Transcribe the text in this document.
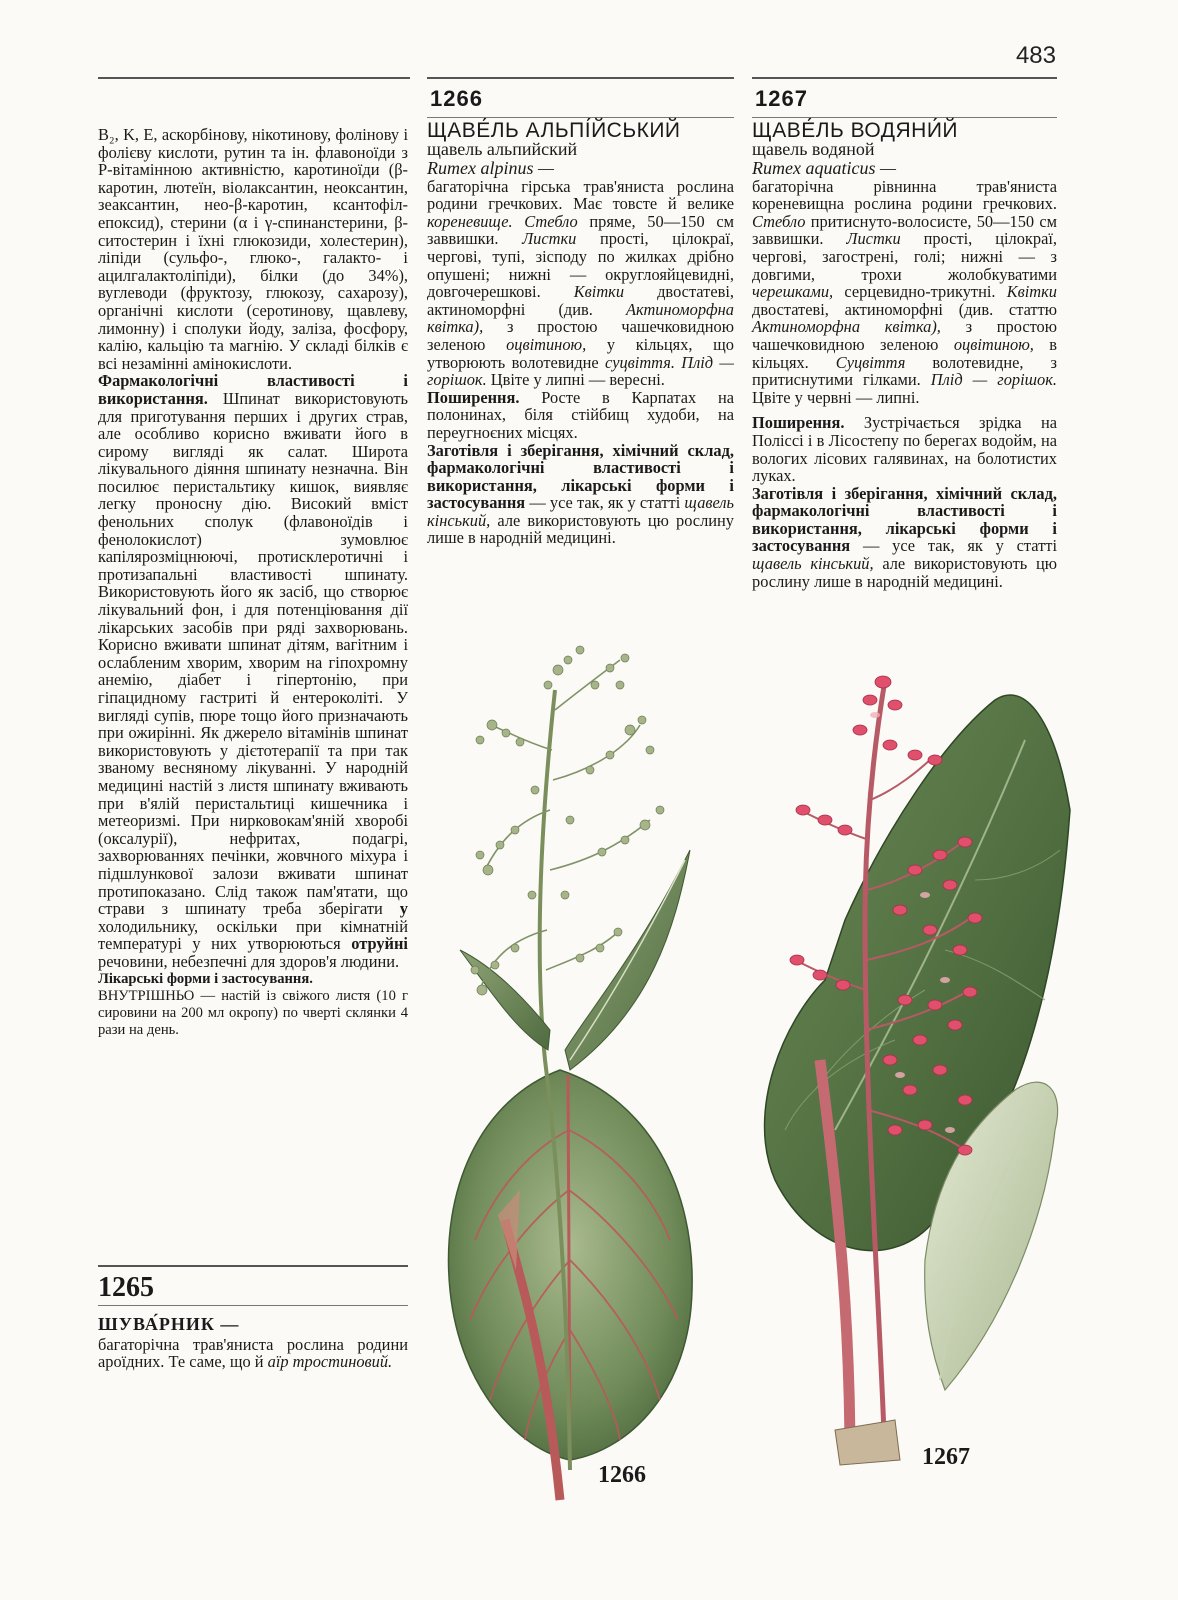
483

B₂, K, E, аскорбінову, нікотинову, фолінову і фолієву кислоти, рутин та ін. флавоноїди з Р-вітамінною активністю, каротиноїди (β-каротин, лютеїн, віолаксантин, неоксантин, зеаксантин, нео-β-каротин, ксантофіл-епоксид), стерини (α і γ-спинанстерини, β-ситостерин і їхні глюкозиди, холестерин), ліпіди (сульфо-, глюко-, галакто- і ацилгалактоліпіди), білки (до 34%), вуглеводи (фруктозу, глюкозу, сахарозу), органічні кислоти (серотинову, щавлеву, лимонну) і сполуки йоду, заліза, фосфору, калію, кальцію та магнію. У складі білків є всі незамінні амінокислоти.

Фармакологічні властивості і використання. Шпинат використовують для приготування перших і других страв, але особливо корисно вживати його в сирому вигляді як салат. Широта лікувального діяння шпинату незначна. Він посилює перистальтику кишок, виявляє легку проносну дію. Високий вміст фенольних сполук (флавоноїдів і фенолокислот) зумовлює капілярозміцнюючі, протисклеротичні і протизапальні властивості шпинату. Використовують його як засіб, що створює лікувальний фон, і для потенціювання дії лікарських засобів при ряді захворювань. Корисно вживати шпинат дітям, вагітним і ослабленим хворим, хворим на гіпохромну анемію, діабет і гіпертонію, при гіпацидному гастриті й ентероколіті. У вигляді супів, пюре тощо його призначають при ожирінні. Як джерело вітамінів шпинат використовують у дієтотерапії та при так званому весняному лікуванні. У народній медицині настій з листя шпинату вживають при в'ялій перистальтиці кишечника і метеоризмі. При нирковокам'яній хворобі (оксалурії), нефритах, подагрі, захворюваннях печінки, жовчного міхура і підшлункової залози вживати шпинат протипоказано. Слід також пам'ятати, що страви з шпинату треба зберігати у холодильнику, оскільки при кімнатній температурі у них утворюються отруйні речовини, небезпечні для здоров'я людини.

Лікарські форми і застосування.
ВНУТРІШНЬО — настій із свіжого листя (10 г сировини на 200 мл окропу) по чверті склянки 4 рази на день.
1265
ШУВА́РНИК —

багаторічна трав'яниста рослина родини ароїдних. Те саме, що й аїр тростиновий.

1266
ЩАВЕ́ЛЬ АЛЬПІ́ЙСЬКИЙ
щавель альпийский
Rumex alpinus —

багаторічна гірська трав'яниста рослина родини гречкових. Має товсте й велике кореневище. Стебло пряме, 50—150 см заввишки. Листки прості, цілокраї, чергові, тупі, зісподу по жилках дрібно опушені; нижні — округлояйцевидні, довгочерешкові. Квітки двостатеві, актиноморфні (див. Актиноморфна квітка), з простою чашечковидною зеленою оцвітиною, у кільцях, що утворюють волотевидне суцвіття. Плід — горішок. Цвіте у липні — вересні.

Поширення. Росте в Карпатах на полонинах, біля стійбищ худоби, на переугноєних місцях.

Заготівля і зберігання, хімічний склад, фармакологічні властивості і використання, лікарські форми і застосування — усе так, як у статті щавель кінський, але використовують цю рослину лише в народній медицині.

1267
ЩАВЕ́ЛЬ ВОДЯНИ́Й
щавель водяной
Rumex aquaticus —

багаторічна рівнинна трав'яниста кореневищна рослина родини гречкових. Стебло притиснуто-волосисте, 50—150 см заввишки. Листки прості, цілокраї, чергові, загострені, голі; нижні — з довгими, трохи жолобкуватими черешками, серцевидно-трикутні. Квітки двостатеві, актиноморфні (див. статтю Актиноморфна квітка), з простою чашечковидною зеленою оцвітиною, в кільцях. Суцвіття волотевидне, з притиснутими гілками. Плід — горішок. Цвіте у червні — липні.

Поширення. Зустрічається зрідка на Поліссі і в Лісостепу по берегах водойм, на вологих лісових галявинах, на болотистих луках.

Заготівля і зберігання, хімічний склад, фармакологічні властивості і використання, лікарські форми і застосування — усе так, як у статті щавель кінський, але використовують цю рослину лише в народній медицині.

1266
1267
